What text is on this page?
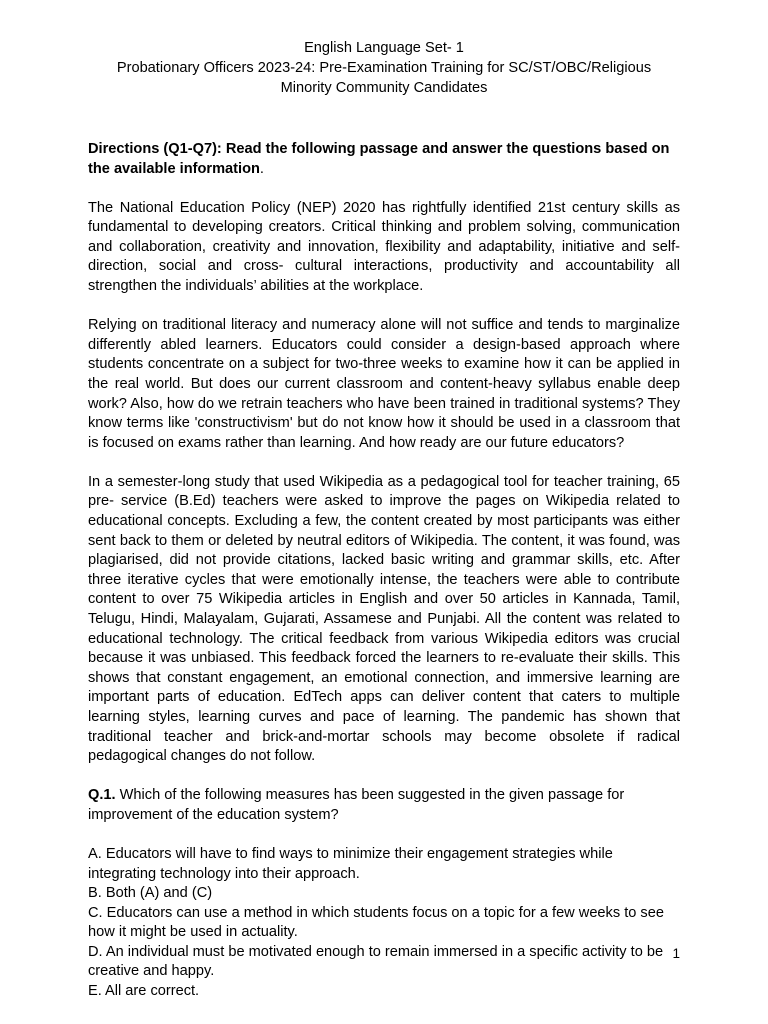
English Language Set- 1
Probationary Officers 2023-24: Pre-Examination Training for SC/ST/OBC/Religious
Minority Community Candidates

Directions (Q1-Q7): Read the following passage and answer the questions based on the available information.

The National Education Policy (NEP) 2020 has rightfully identified 21st century skills as fundamental to developing creators. Critical thinking and problem solving, communication and collaboration, creativity and innovation, flexibility and adaptability, initiative and self- direction, social and cross- cultural interactions, productivity and accountability all strengthen the individuals’ abilities at the workplace.

Relying on traditional literacy and numeracy alone will not suffice and tends to marginalize differently abled learners. Educators could consider a design-based approach where students concentrate on a subject for two-three weeks to examine how it can be applied in the real world. But does our current classroom and content-heavy syllabus enable deep work? Also, how do we retrain teachers who have been trained in traditional systems? They know terms like 'constructivism' but do not know how it should be used in a classroom that is focused on exams rather than learning. And how ready are our future educators?

In a semester-long study that used Wikipedia as a pedagogical tool for teacher training, 65 pre- service (B.Ed) teachers were asked to improve the pages on Wikipedia related to educational concepts. Excluding a few, the content created by most participants was either sent back to them or deleted by neutral editors of Wikipedia. The content, it was found, was plagiarised, did not provide citations, lacked basic writing and grammar skills, etc. After three iterative cycles that were emotionally intense, the teachers were able to contribute content to over 75 Wikipedia articles in English and over 50 articles in Kannada, Tamil, Telugu, Hindi, Malayalam, Gujarati, Assamese and Punjabi. All the content was related to educational technology. The critical feedback from various Wikipedia editors was crucial because it was unbiased. This feedback forced the learners to re-evaluate their skills. This shows that constant engagement, an emotional connection, and immersive learning are important parts of education. EdTech apps can deliver content that caters to multiple learning styles, learning curves and pace of learning. The pandemic has shown that traditional teacher and brick-and-mortar schools may become obsolete if radical pedagogical changes do not follow.

Q.1. Which of the following measures has been suggested in the given passage for improvement of the education system?

A. Educators will have to find ways to minimize their engagement strategies while integrating technology into their approach.
B. Both (A) and (C)
C. Educators can use a method in which students focus on a topic for a few weeks to see how it might be used in actuality.
D. An individual must be motivated enough to remain immersed in a specific activity to be creative and happy.
E. All are correct.

1
